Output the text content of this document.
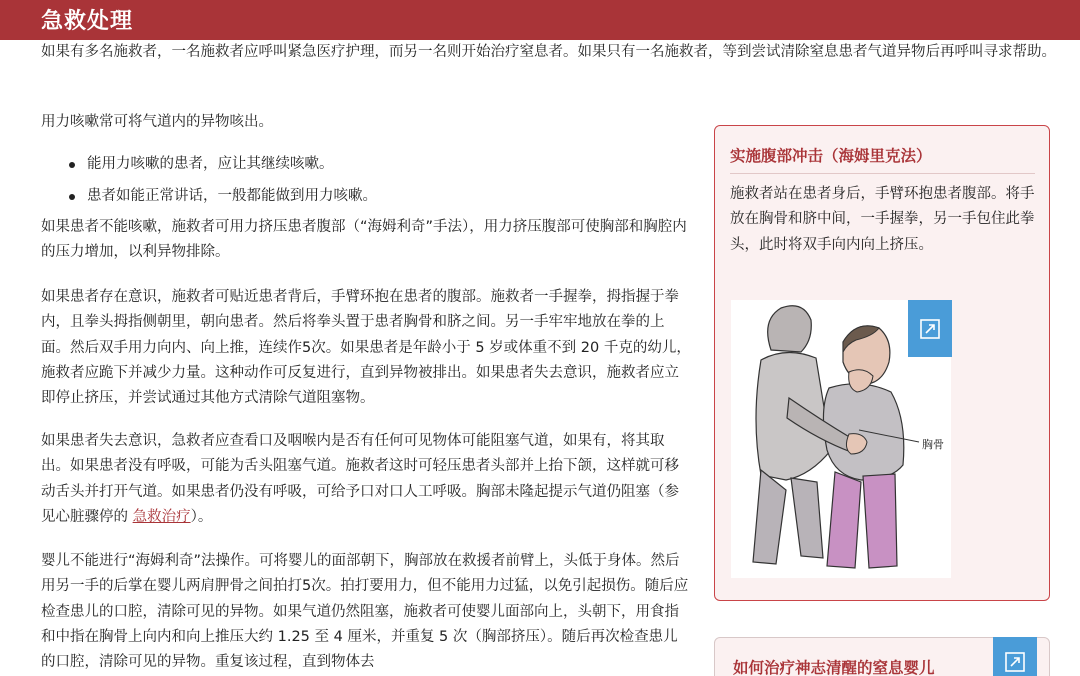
急救处理

如果有多名施救者，一名施救者应呼叫紧急医疗护理，而另一名则开始治疗窒息者。如果只有一名施救者，等到尝试清除窒息患者气道异物后再呼叫寻求帮助。

用力咳嗽常可将气道内的异物咳出。

能用力咳嗽的患者，应让其继续咳嗽。
患者如能正常讲话，一般都能做到用力咳嗽。

如果患者不能咳嗽，施救者可用力挤压患者腹部（“海姆利奇”手法），用力挤压腹部可使胸部和胸腔内的压力增加，以利异物排除。

如果患者存在意识，施救者可贴近患者背后，手臂环抱在患者的腹部。施救者一手握拳，拇指握于拳内，且拳头拇指侧朝里，朝向患者。然后将拳头置于患者胸骨和脐之间。另一手牢牢地放在拳的上面。然后双手用力向内、向上推，连续作5次。如果患者是年龄小于 5 岁或体重不到 20 千克的幼儿，施救者应跪下并减少力量。这种动作可反复进行，直到异物被排出。如果患者失去意识，施救者应立即停止挤压，并尝试通过其他方式清除气道阻塞物。

如果患者失去意识，急救者应查看口及咽喉内是否有任何可见物体可能阻塞气道，如果有，将其取出。如果患者没有呼吸，可能为舌头阻塞气道。施救者这时可轻压患者头部并上抬下颌，这样就可移动舌头并打开气道。如果患者仍没有呼吸，可给予口对口人工呼吸。胸部未隆起提示气道仍阻塞（参见心脏骤停的 急救治疗）。

婴儿不能进行“海姆利奇”法操作。可将婴儿的面部朝下，胸部放在救援者前臂上，头低于身体。然后用另一手的后掌在婴儿两肩胛骨之间拍打5次。拍打要用力，但不能用力过猛，以免引起损伤。随后应检查患儿的口腔，清除可见的异物。如果气道仍然阻塞，施救者可使婴儿面部向上，头朝下，用食指和中指在胸骨上向内和向上推压大约 1.25 至 4 厘米，并重复 5 次（胸部挤压）。随后再次检查患儿的口腔，清除可见的异物。重复该过程，直到物体去

实施腹部冲击（海姆里克法）
施救者站在患者身后，手臂环抱患者腹部。将手放在胸骨和脐中间，一手握拳，另一手包住此拳头，此时将双手向内向上挤压。
胸骨
如何治疗神志清醒的窒息婴儿
